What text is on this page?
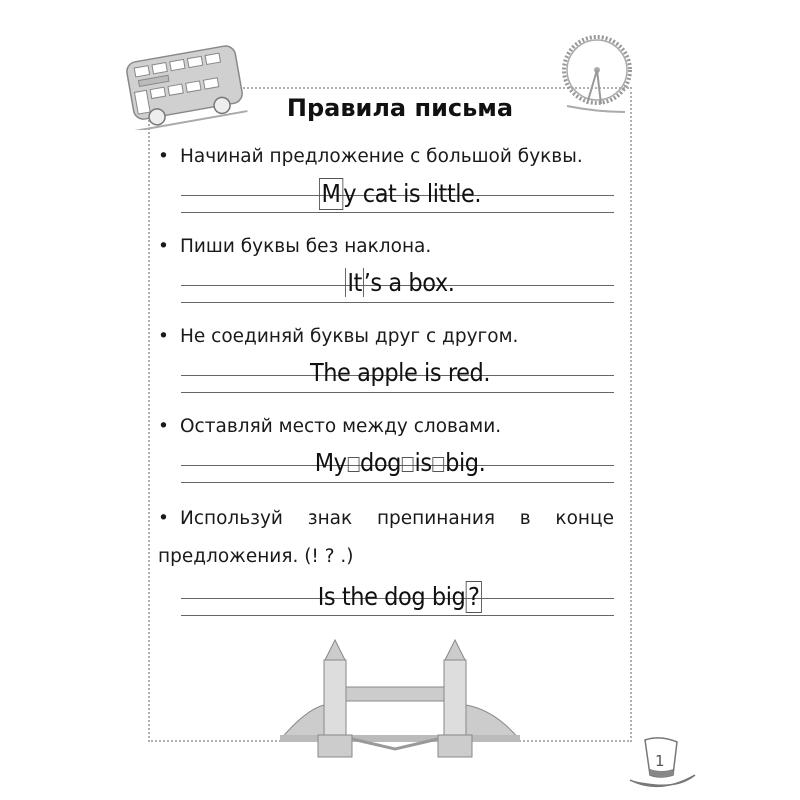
Правила письма
• Начинай предложение с большой буквы.
M y cat is little.
• Пиши буквы без наклона.
It’s a box.
• Не соединяй буквы друг с другом.
The apple is red.
• Оставляй место между словами.
My dog is big.
• Используй знак препинания в конце предложения. (! ? .)
Is the dog big ?
1
